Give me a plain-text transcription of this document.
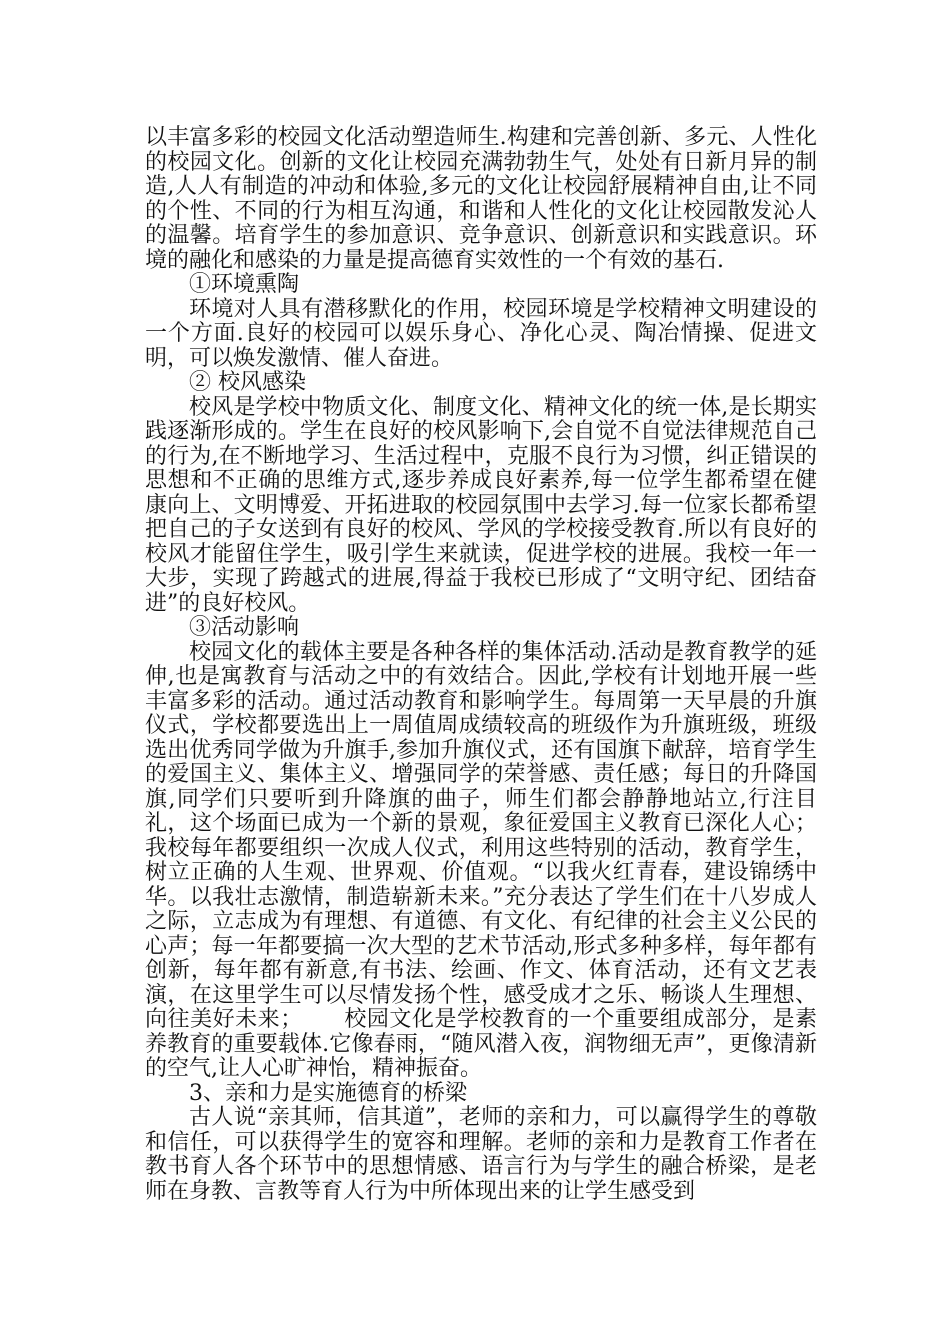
以丰富多彩的校园文化活动塑造师生.构建和完善创新、多元、人性化的校园文化。创新的文化让校园充满勃勃生气，处处有日新月异的制造,人人有制造的冲动和体验,多元的文化让校园舒展精神自由,让不同的个性、不同的行为相互沟通，和谐和人性化的文化让校园散发沁人的温馨。培育学生的参加意识、竞争意识、创新意识和实践意识。环境的融化和感染的力量是提高德育实效性的一个有效的基石.

①环境熏陶

环境对人具有潜移默化的作用，校园环境是学校精神文明建设的一个方面.良好的校园可以娱乐身心、净化心灵、陶冶情操、促进文明，可以焕发激情、催人奋进。

② 校风感染

校风是学校中物质文化、制度文化、精神文化的统一体,是长期实践逐渐形成的。学生在良好的校风影响下,会自觉不自觉法律规范自己的行为,在不断地学习、生活过程中，克服不良行为习惯，纠正错误的思想和不正确的思维方式,逐步养成良好素养,每一位学生都希望在健康向上、文明博爱、开拓进取的校园氛围中去学习.每一位家长都希望把自己的子女送到有良好的校风、学风的学校接受教育.所以有良好的校风才能留住学生，吸引学生来就读，促进学校的进展。我校一年一大步，实现了跨越式的进展,得益于我校已形成了“文明守纪、团结奋进”的良好校风。

③活动影响

校园文化的载体主要是各种各样的集体活动.活动是教育教学的延伸,也是寓教育与活动之中的有效结合。因此,学校有计划地开展一些丰富多彩的活动。通过活动教育和影响学生。每周第一天早晨的升旗仪式，学校都要选出上一周值周成绩较高的班级作为升旗班级，班级选出优秀同学做为升旗手,参加升旗仪式，还有国旗下献辞，培育学生的爱国主义、集体主义、增强同学的荣誉感、责任感；每日的升降国旗,同学们只要听到升降旗的曲子，师生们都会静静地站立,行注目礼，这个场面已成为一个新的景观，象征爱国主义教育已深化人心；我校每年都要组织一次成人仪式，利用这些特别的活动，教育学生，树立正确的人生观、世界观、价值观。“以我火红青春，建设锦绣中华。以我壮志激情，制造崭新未来。”充分表达了学生们在十八岁成人之际，立志成为有理想、有道德、有文化、有纪律的社会主义公民的心声；每一年都要搞一次大型的艺术节活动,形式多种多样，每年都有创新，每年都有新意,有书法、绘画、作文、体育活动，还有文艺表演，在这里学生可以尽情发扬个性，感受成才之乐、畅谈人生理想、向往美好未来；　　 校园文化是学校教育的一个重要组成部分，是素养教育的重要载体.它像春雨，“随风潜入夜，润物细无声”，更像清新的空气,让人心旷神怡，精神振奋。

3、亲和力是实施德育的桥梁

古人说“亲其师，信其道”，老师的亲和力，可以赢得学生的尊敬和信任，可以获得学生的宽容和理解。老师的亲和力是教育工作者在教书育人各个环节中的思想情感、语言行为与学生的融合桥梁，是老师在身教、言教等育人行为中所体现出来的让学生感受到
